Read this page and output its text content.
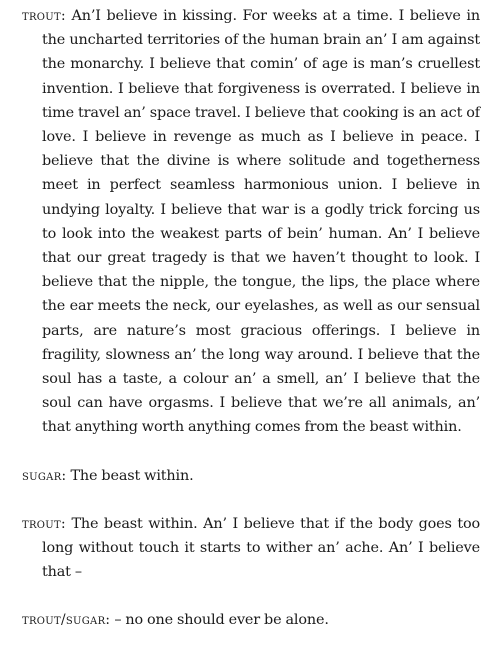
trout: An’I believe in kissing. For weeks at a time. I believe in the uncharted territories of the human brain an’ I am against the monarchy. I believe that comin’ of age is man’s cruellest invention. I believe that forgiveness is overrated. I believe in time travel an’ space travel. I believe that cooking is an act of love. I believe in revenge as much as I believe in peace. I believe that the divine is where solitude and togetherness meet in perfect seamless harmonious union. I believe in undying loyalty. I believe that war is a godly trick forcing us to look into the weakest parts of bein’ human. An’ I believe that our great tragedy is that we haven’t thought to look. I believe that the nipple, the tongue, the lips, the place where the ear meets the neck, our eyelashes, as well as our sensual parts, are nature’s most gracious offerings. I believe in fragility, slowness an’ the long way around. I believe that the soul has a taste, a colour an’ a smell, an’ I believe that the soul can have orgasms. I believe that we’re all animals, an’ that anything worth anything comes from the beast within.

sugar: The beast within.

trout: The beast within. An’ I believe that if the body goes too long without touch it starts to wither an’ ache. An’ I believe that –

trout/sugar: – no one should ever be alone.
